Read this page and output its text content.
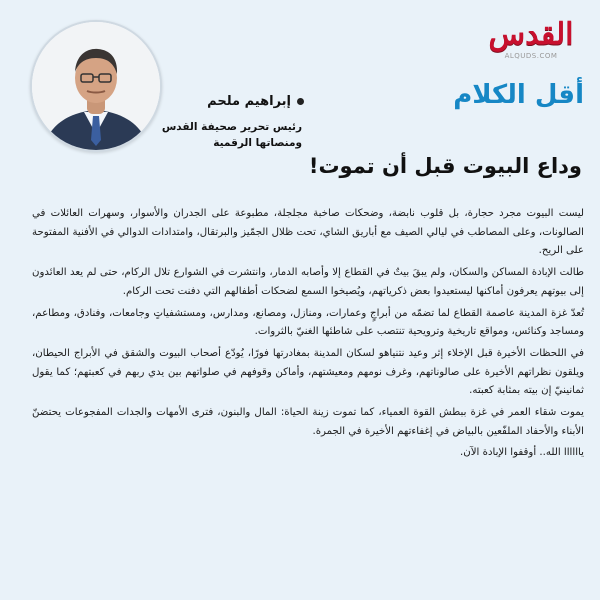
القدس
ALQUDS.COM
أقل الكلام
إبراهيم ملحم
رئيس تحرير صحيفة القدس
ومنصاتها الرقمية
وداع البيوت قبل أن تموت!

ليست البيوت مجرد حجارة، بل قلوب نابضة، وضحكات صاخبة مجلجلة، مطبوعة على الجدران والأسوار، وسهرات العائلات في الصالونات، وعلى المصاطب في ليالي الصيف مع أباريق الشاي، تحت ظلال الجمّيز والبرتقال، وامتدادات الدوالي في الأفنية المفتوحة على الريح.

طالت الإبادة المساكن والسكان، ولم يبقَ بيتٌ في القطاع إلا وأصابه الدمار، وانتشرت في الشوارع تلال الركام، حتى لم يعد العائدون إلى بيوتهم يعرفون أماكنها ليستعيدوا بعض ذكرياتهم، ويُصيخوا السمع لضحكات أطفالهم التي دفنت تحت الركام.

تُعدّ غزة المدينة عاصمة القطاع لما تضمّه من أبراجٍ وعمارات، ومنازل، ومصانع، ومدارس، ومستشفياتٍ وجامعات، وفنادق، ومطاعم، ومساجد وكنائس، ومواقع تاريخية وترويحية تنتصب على شاطئها الغنيّ بالثروات.

في اللحظات الأخيرة قبل الإخلاء إثر وعيد نتنياهو لسكان المدينة بمغادرتها فورًا، يُودّع أصحاب البيوت والشقق في الأبراج الحيطان، ويلقون نظراتهم الأخيرة على صالوناتهم، وغرف نومهم ومعيشتهم، وأماكن وقوفهم في صلواتهم بين يدي ربهم في كعبتهم؛ كما يقول ثمانينيّ إن بيته بمثابة كعبته.

يموت شقاء العمر في غزة ببطش القوة العمياء، كما تموت زينة الحياة: المال والبنون، فترى الأمهات والجدات المفجوعات يحتضنّ الأبناء والأحفاد الملفّعين بالبياض في إغفاءتهم الأخيرة في الجمرة.

ياااااا الله.. أوقفوا الإبادة الآن.
